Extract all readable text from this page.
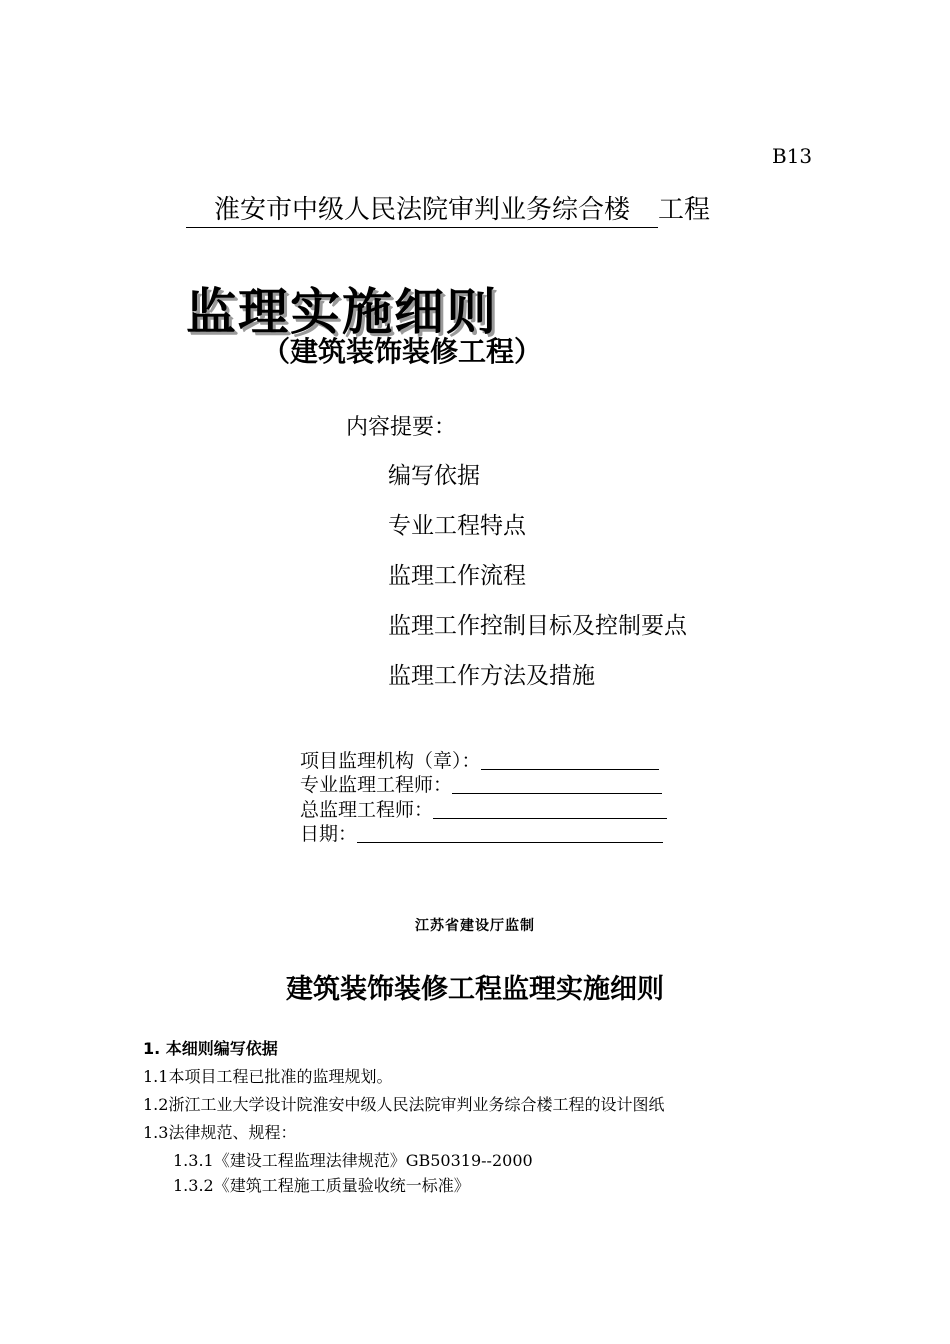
B13
淮安市中级人民法院审判业务综合楼 工程
监理实施细则
（建筑装饰装修工程）
内容提要：
编写依据
专业工程特点
监理工作流程
监理工作控制目标及控制要点
监理工作方法及措施
项目监理机构（章）：
专业监理工程师：
总监理工程师：
日期：
江苏省建设厅监制
建筑装饰装修工程监理实施细则
1. 本细则编写依据
1.1本项目工程已批准的监理规划。
1.2浙江工业大学设计院淮安中级人民法院审判业务综合楼工程的设计图纸
1.3法律规范、规程：
1.3.1《建设工程监理法律规范》GB50319--2000
1.3.2《建筑工程施工质量验收统一标准》
